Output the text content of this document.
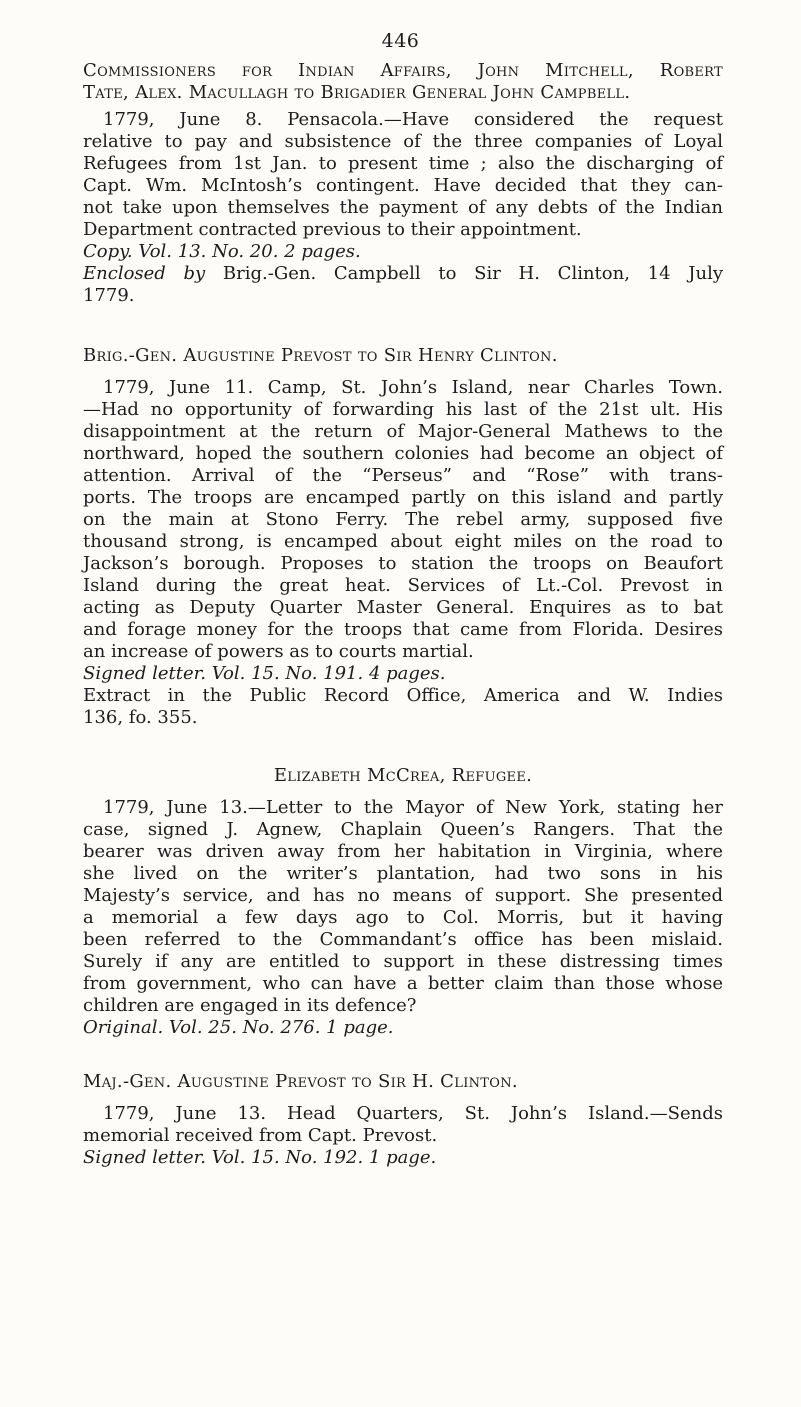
446
Commissioners for Indian Affairs, John Mitchell, Robert
Tate, Alex. Macullagh to Brigadier General John Campbell.
1779, June 8. Pensacola.—Have considered the request
relative to pay and subsistence of the three companies of Loyal
Refugees from 1st Jan. to present time ; also the discharging of
Capt. Wm. McIntosh’s contingent. Have decided that they can-
not take upon themselves the payment of any debts of the Indian
Department contracted previous to their appointment.
Copy. Vol. 13. No. 20. 2 pages.
Enclosed by Brig.-Gen. Campbell to Sir H. Clinton, 14 July
1779.
Brig.-Gen. Augustine Prevost to Sir Henry Clinton.
1779, June 11. Camp, St. John’s Island, near Charles Town.
—Had no opportunity of forwarding his last of the 21st ult. His
disappointment at the return of Major-General Mathews to the
northward, hoped the southern colonies had become an object of
attention. Arrival of the “Perseus” and “Rose” with trans-
ports. The troops are encamped partly on this island and partly
on the main at Stono Ferry. The rebel army, supposed five
thousand strong, is encamped about eight miles on the road to
Jackson’s borough. Proposes to station the troops on Beaufort
Island during the great heat. Services of Lt.-Col. Prevost in
acting as Deputy Quarter Master General. Enquires as to bat
and forage money for the troops that came from Florida. Desires
an increase of powers as to courts martial.
Signed letter. Vol. 15. No. 191. 4 pages.
Extract in the Public Record Office, America and W. Indies
136, fo. 355.
Elizabeth McCrea, Refugee.
1779, June 13.—Letter to the Mayor of New York, stating her
case, signed J. Agnew, Chaplain Queen’s Rangers. That the
bearer was driven away from her habitation in Virginia, where
she lived on the writer’s plantation, had two sons in his
Majesty’s service, and has no means of support. She presented
a memorial a few days ago to Col. Morris, but it having
been referred to the Commandant’s office has been mislaid.
Surely if any are entitled to support in these distressing times
from government, who can have a better claim than those whose
children are engaged in its defence?
Original. Vol. 25. No. 276. 1 page.
Maj.-Gen. Augustine Prevost to Sir H. Clinton.
1779, June 13. Head Quarters, St. John’s Island.—Sends
memorial received from Capt. Prevost.
Signed letter. Vol. 15. No. 192. 1 page.
